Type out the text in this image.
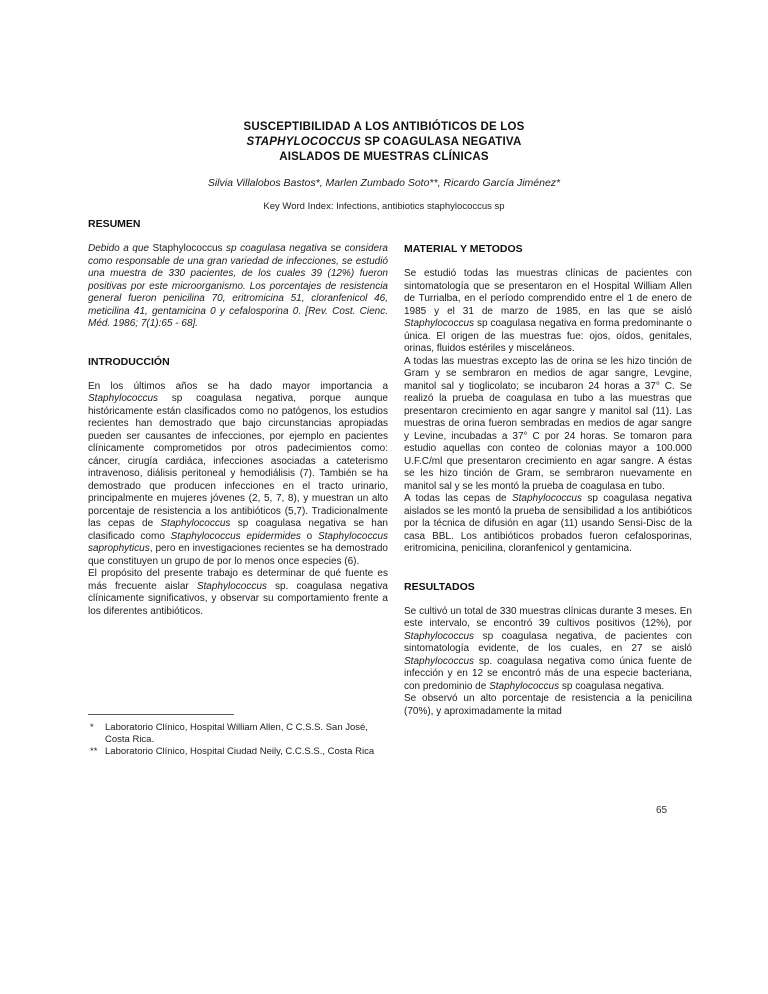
SUSCEPTIBILIDAD A LOS ANTIBIÓTICOS DE LOS
STAPHYLOCOCCUS SP COAGULASA NEGATIVA
AISLADOS DE MUESTRAS CLÍNICAS
Silvia Villalobos Bastos*, Marlen Zumbado Soto**, Ricardo García Jiménez*
Key Word Index: Infections, antibiotics staphylococcus sp
RESUMEN

Debido a que Staphylococcus sp coagulasa negativa se considera como responsable de una gran variedad de infecciones, se estudió una muestra de 330 pacientes, de los cuales 39 (12%) fueron positivas por este microorganismo. Los porcentajes de resistencia general fueron penicilina 70, eritromicina 51, cloranfenicol 46, meticilina 41, gentamicina 0 y cefalosporina 0. [Rev. Cost. Cienc. Méd. 1986; 7(1):65 - 68].

INTRODUCCIÓN

En los últimos años se ha dado mayor importancia a Staphylococcus sp coagulasa negativa, porque aunque históricamente están clasificados como no patógenos, los estudios recientes han demostrado que bajo circunstancias apropiadas pueden ser causantes de infecciones, por ejemplo en pacientes clínicamente comprometidos por otros padecimientos como: cáncer, cirugía cardiáca, infecciones asociadas a cateterismo intravenoso, diálisis peritoneal y hemodiálisis (7). También se ha demostrado que producen infecciones en el tracto urinario, principalmente en mujeres jóvenes (2, 5, 7, 8), y muestran un alto porcentaje de resistencia a los antibióticos (5,7). Tradicionalmente las cepas de Staphylococcus sp coagulasa negativa se han clasificado como Staphylococcus epidermides o Staphylococcus saprophyticus, pero en investigaciones recientes se ha demostrado que constituyen un grupo de por lo menos once especies (6).

El propósito del presente trabajo es determinar de qué fuente es más frecuente aislar Staphylococcus sp. coagulasa negativa clínicamente significativos, y observar su comportamiento frente a los diferentes antibióticos.

MATERIAL Y METODOS

Se estudió todas las muestras clínicas de pacientes con sintomatología que se presentaron en el Hospital William Allen de Turrialba, en el período comprendido entre el 1 de enero de 1985 y el 31 de marzo de 1985, en las que se aisló Staphylococcus sp coagulasa negativa en forma predominante o única. El origen de las muestras fue: ojos, oídos, genitales, orinas, fluidos estériles y misceláneos.

A todas las muestras excepto las de orina se les hizo tinción de Gram y se sembraron en medios de agar sangre, Levgine, manitol sal y tioglicolato; se incubaron 24 horas a 37° C. Se realizó la prueba de coagulasa en tubo a las muestras que presentaron crecimiento en agar sangre y manitol sal (11). Las muestras de orina fueron sembradas en medios de agar sangre y Levine, incubadas a 37° C por 24 horas. Se tomaron para estudio aquellas con conteo de colonias mayor a 100.000 U.F.C/ml que presentaron crecimiento en agar sangre. A éstas se les hizo tinción de Gram, se sembraron nuevamente en manitol sal y se les montó la prueba de coagulasa en tubo.

A todas las cepas de Staphylococcus sp coagulasa negativa aislados se les montó la prueba de sensibilidad a los antibióticos por la técnica de difusión en agar (11) usando Sensi-Disc de la casa BBL. Los antibióticos probados fueron cefalosporinas, eritromicina, penicilina, cloranfenicol y gentamicina.

RESULTADOS

Se cultivó un total de 330 muestras clínicas durante 3 meses. En este intervalo, se encontró 39 cultivos positivos (12%), por Staphylococcus sp coagulasa negativa, de pacientes con sintomatología evidente, de los cuales, en 27 se aisló Staphylococcus sp. coagulasa negativa como única fuente de infección y en 12 se encontró más de una especie bacteriana, con predominio de Staphylococcus sp coagulasa negativa.

Se observó un alto porcentaje de resistencia a la penicilina (70%), y aproximadamente la mitad

*	Laboratorio Clínico, Hospital William Allen, C C.S.S. San José, Costa Rica.
** Laboratorio Clínico, Hospital Ciudad Neily, C.C.S.S., Costa Rica
65
